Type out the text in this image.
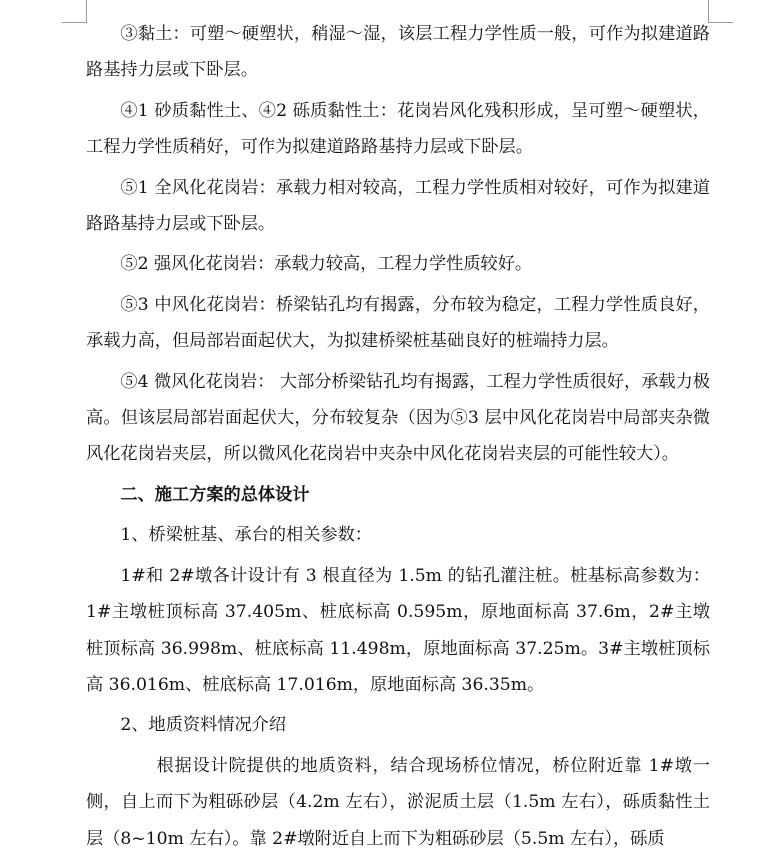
③黏土：可塑～硬塑状，稍湿～湿，该层工程力学性质一般，可作为拟建道路路基持力层或下卧层。

④1 砂质黏性土、④2 砾质黏性土：花岗岩风化残积形成，呈可塑～硬塑状，工程力学性质稍好，可作为拟建道路路基持力层或下卧层。

⑤1 全风化花岗岩：承载力相对较高，工程力学性质相对较好，可作为拟建道路路基持力层或下卧层。

⑤2 强风化花岗岩：承载力较高，工程力学性质较好。

⑤3 中风化花岗岩：桥梁钻孔均有揭露，分布较为稳定，工程力学性质良好，承载力高，但局部岩面起伏大，为拟建桥梁桩基础良好的桩端持力层。

⑤4 微风化花岗岩： 大部分桥梁钻孔均有揭露，工程力学性质很好，承载力极高。但该层局部岩面起伏大，分布较复杂（因为⑤3 层中风化花岗岩中局部夹杂微风化花岗岩夹层，所以微风化花岗岩中夹杂中风化花岗岩夹层的可能性较大）。

二、施工方案的总体设计

1、桥梁桩基、承台的相关参数：

1#和 2#墩各计设计有 3 根直径为 1.5m 的钻孔灌注桩。桩基标高参数为：1#主墩桩顶标高 37.405m、桩底标高 0.595m，原地面标高 37.6m，2#主墩桩顶标高 36.998m、桩底标高 11.498m，原地面标高 37.25m。3#主墩桩顶标高 36.016m、桩底标高 17.016m，原地面标高 36.35m。

2、地质资料情况介绍

根据设计院提供的地质资料，结合现场桥位情况，桥位附近靠 1#墩一侧，自上而下为粗砾砂层（4.2m 左右），淤泥质土层（1.5m 左右），砾质黏性土层（8~10m 左右）。靠 2#墩附近自上而下为粗砾砂层（5.5m 左右），砾质
